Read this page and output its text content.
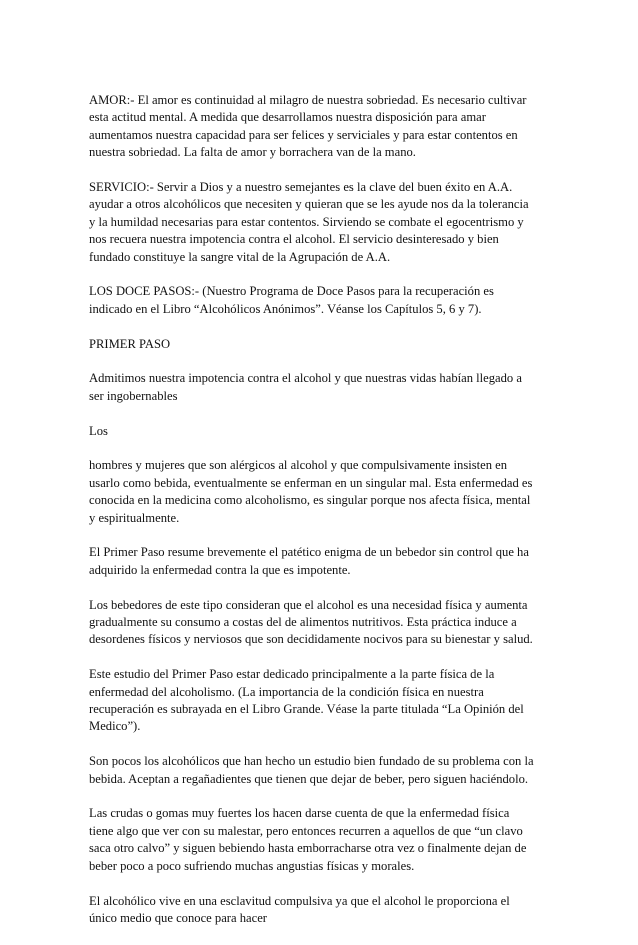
AMOR:- El amor es continuidad al milagro de nuestra sobriedad. Es necesario cultivar
esta actitud mental. A medida que desarrollamos nuestra disposición para amar
aumentamos nuestra capacidad para ser felices y serviciales y para estar contentos en
nuestra sobriedad. La falta de amor y borrachera van de la mano.

SERVICIO:- Servir a Dios y a nuestro semejantes es la clave del buen éxito en A.A.
ayudar a otros alcohólicos que necesiten y quieran que se les ayude nos da la tolerancia
y la humildad necesarias para estar contentos. Sirviendo se combate el egocentrismo y
nos recuera nuestra impotencia contra el alcohol. El servicio desinteresado y bien
fundado constituye la sangre vital de la Agrupación de A.A.

LOS DOCE PASOS:- (Nuestro Programa de Doce Pasos para la recuperación es
indicado en el Libro “Alcohólicos Anónimos”. Véanse los Capítulos 5, 6 y 7).

PRIMER PASO

Admitimos nuestra impotencia contra el alcohol y que nuestras vidas habían llegado a
ser ingobernables

Los

hombres y mujeres que son alérgicos al alcohol y que compulsivamente insisten en
usarlo como bebida, eventualmente se enferman en un singular mal. Esta enfermedad es
conocida en la medicina como alcoholismo, es singular porque nos afecta física, mental
y espiritualmente.

El Primer Paso resume brevemente el patético enigma de un bebedor sin control que ha
adquirido la enfermedad contra la que es impotente.

Los bebedores de este tipo consideran que el alcohol es una necesidad física y aumenta
gradualmente su consumo a costas del de alimentos nutritivos. Esta práctica induce a
desordenes físicos y nerviosos que son decididamente nocivos para su bienestar y salud.

Este estudio del Primer Paso estar dedicado principalmente a la parte física de la
enfermedad del alcoholismo. (La importancia de la condición física en nuestra
recuperación es subrayada en el Libro Grande. Véase la parte titulada “La Opinión del
Medico”).

Son pocos los alcohólicos que han hecho un estudio bien fundado de su problema con la
bebida. Aceptan a regañadientes que tienen que dejar de beber, pero siguen haciéndolo.

Las crudas o gomas muy fuertes los hacen darse cuenta de que la enfermedad física
tiene algo que ver con su malestar, pero entonces recurren a aquellos de que “un clavo
saca otro calvo” y siguen bebiendo hasta emborracharse otra vez o finalmente dejan de
beber poco a poco sufriendo muchas angustias físicas y morales.

El alcohólico vive en una esclavitud compulsiva ya que el alcohol le proporciona el
único medio que conoce para hacer
